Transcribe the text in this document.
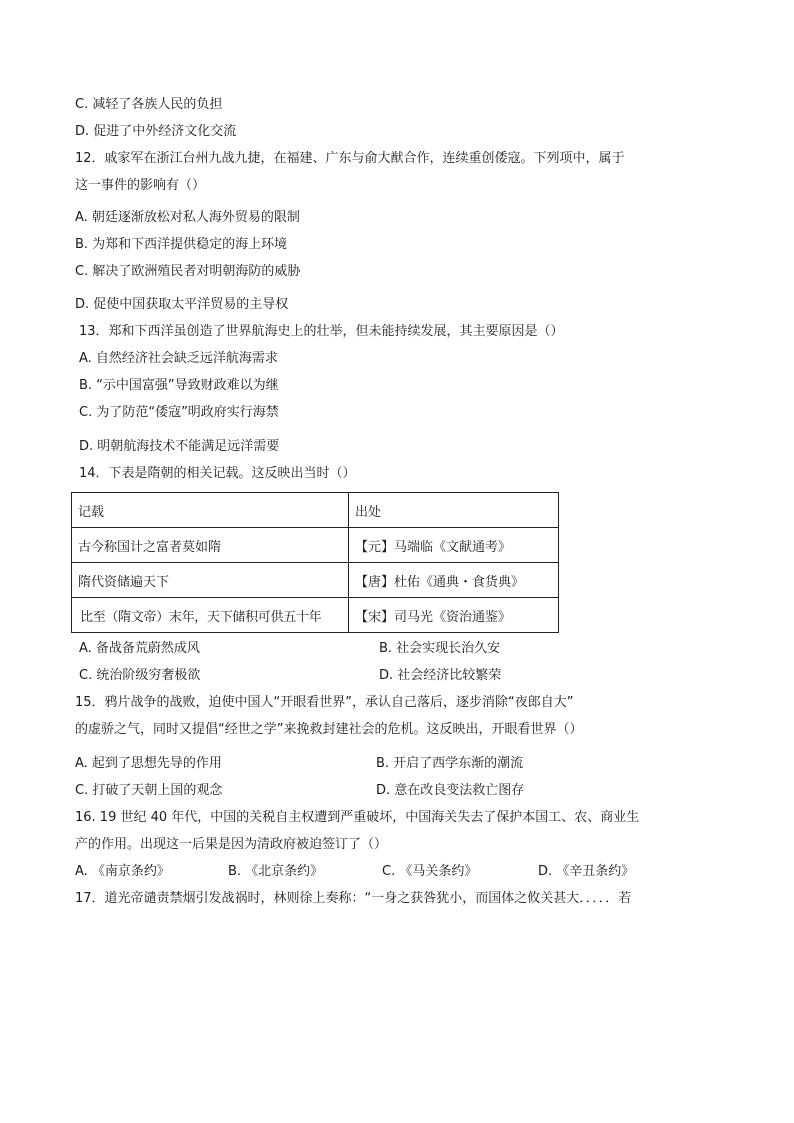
C. 减轻了各族人民的负担
D. 促进了中外经济文化交流
12．戚家军在浙江台州九战九捷，在福建、广东与俞大猷合作，连续重创倭寇。下列项中，属于
这一事件的影响有（）
A. 朝廷逐渐放松对私人海外贸易的限制
B. 为郑和下西洋提供稳定的海上环境
C. 解决了欧洲殖民者对明朝海防的威胁
D. 促使中国获取太平洋贸易的主导权
13．郑和下西洋虽创造了世界航海史上的壮举，但未能持续发展，其主要原因是（）
A. 自然经济社会缺乏远洋航海需求
B. “示中国富强”导致财政难以为继
C. 为了防范“倭寇”明政府实行海禁
D. 明朝航海技术不能满足远洋需要
14．下表是隋朝的相关记载。这反映出当时（）
记载	出处
古今称国计之富者莫如隋	【元】马端临《文献通考》
隋代资储遍天下	【唐】杜佑《通典・食货典》
比至（隋文帝）末年，天下储积可供五十年	【宋】司马光《资治通鉴》
A. 备战备荒蔚然成风	B. 社会实现长治久安
C. 统治阶级穷奢极欲	D. 社会经济比较繁荣
15．鸦片战争的战败，迫使中国人“开眼看世界”，承认自己落后，逐步消除“夜郎自大”
的虚骄之气，同时又提倡“经世之学”来挽救封建社会的危机。这反映出，开眼看世界（）
A. 起到了思想先导的作用	B. 开启了西学东渐的潮流
C. 打破了天朝上国的观念	D. 意在改良变法救亡图存
16. 19 世纪 40 年代，中国的关税自主权遭到严重破坏，中国海关失去了保护本国工、农、商业生
产的作用。出现这一后果是因为清政府被迫签订了（）
A. 《南京条约》	B. 《北京条约》	C. 《马关条约》	D. 《辛丑条约》
17．道光帝谴责禁烟引发战祸时，林则徐上奏称：“一身之获咎犹小，而国体之攸关甚大．．．．．若
